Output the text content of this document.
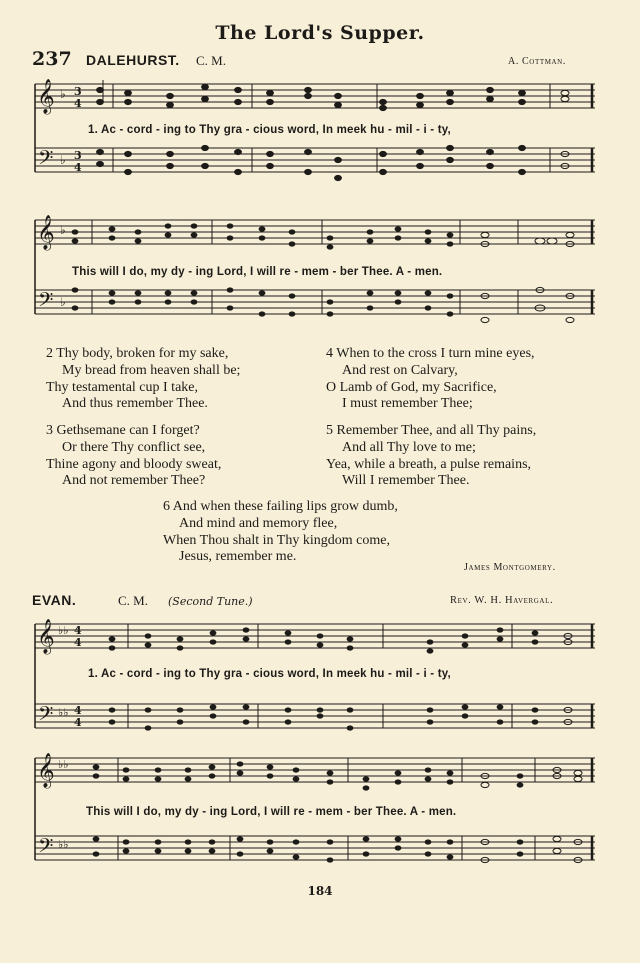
The Lord's Supper.
237 DALEHURST. C. M.	A. Cottman.
𝄞
𝄢
♭
♭
3
4
3
4
1. Ac - cord - ing to Thy gra - cious word, In meek hu - mil - i - ty,
𝄞
𝄢
♭
♭
This will I do, my dy - ing Lord, I will re - mem - ber Thee. A - men.
2 Thy body, broken for my sake,
My bread from heaven shall be;
Thy testamental cup I take,
And thus remember Thee.
3 Gethsemane can I forget?
Or there Thy conflict see,
Thine agony and bloody sweat,
And not remember Thee?
4 When to the cross I turn mine eyes,
And rest on Calvary,
O Lamb of God, my Sacrifice,
I must remember Thee;
5 Remember Thee, and all Thy pains,
And all Thy love to me;
Yea, while a breath, a pulse remains,
Will I remember Thee.
6 And when these failing lips grow dumb,
And mind and memory flee,
When Thou shalt in Thy kingdom come,
Jesus, remember me.
James Montgomery.
EVAN.	C. M. (Second Tune.)	Rev. W. H. Havergal.
𝄞
𝄢
♭♭
♭♭
4
4
4
4
1. Ac - cord - ing to Thy gra - cious word, In meek hu - mil - i - ty,
𝄞
𝄢
♭♭
♭♭
This will I do, my dy - ing Lord, I will re - mem - ber Thee. A - men.
184
